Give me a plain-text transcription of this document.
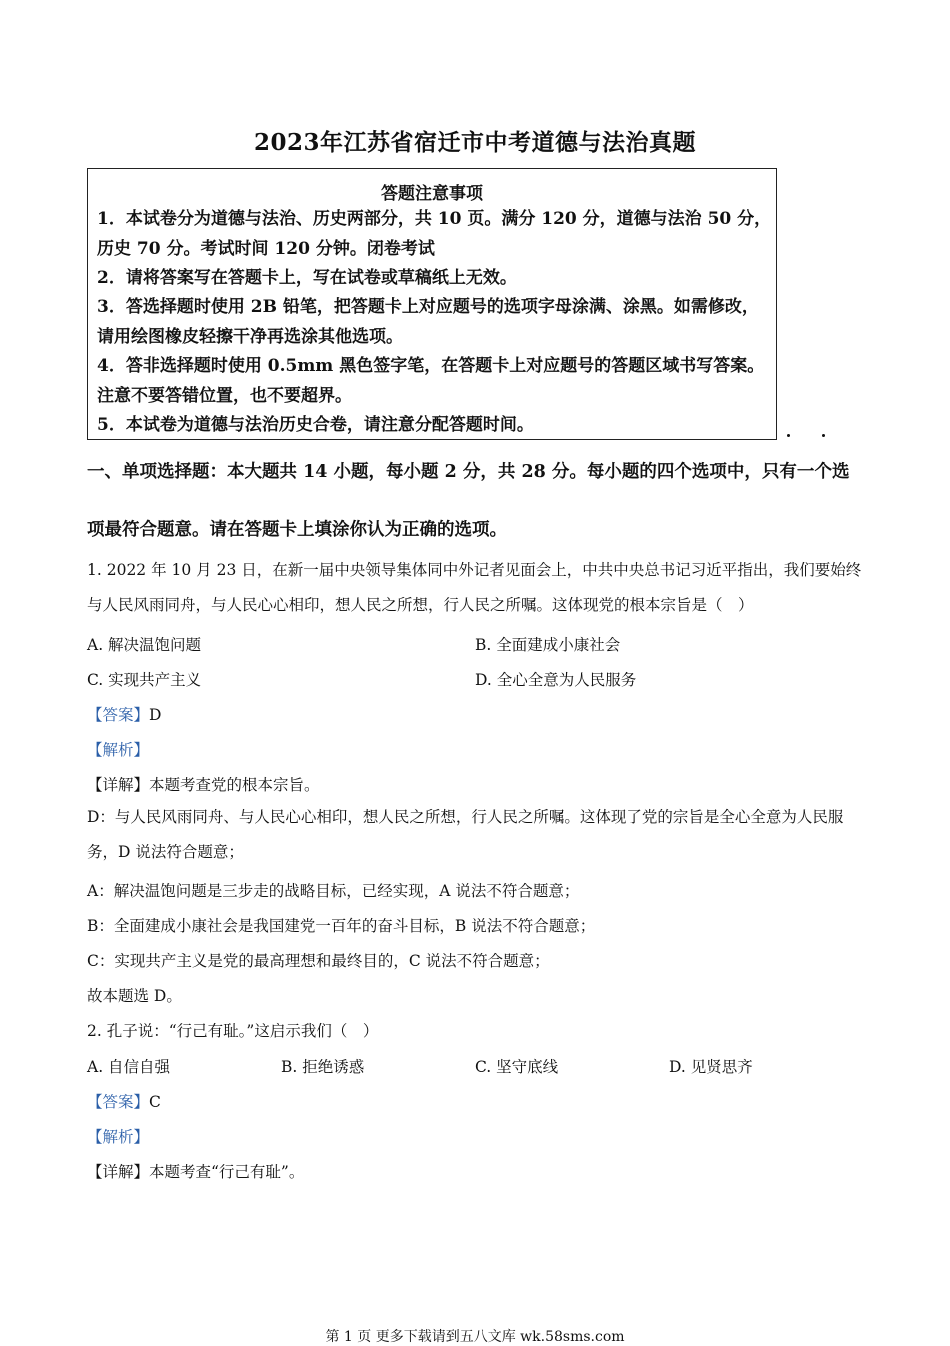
2023年江苏省宿迁市中考道德与法治真题
答题注意事项
1．本试卷分为道德与法治、历史两部分，共 10 页。满分 120 分，道德与法治 50 分，历史 70 分。考试时间 120 分钟。闭卷考试
2．请将答案写在答题卡上，写在试卷或草稿纸上无效。
3．答选择题时使用 2B 铅笔，把答题卡上对应题号的选项字母涂满、涂黑。如需修改，请用绘图橡皮轻擦干净再选涂其他选项。
4．答非选择题时使用 0.5mm 黑色签字笔，在答题卡上对应题号的答题区域书写答案。注意不要答错位置，也不要超界。
5．本试卷为道德与法治历史合卷，请注意分配答题时间。
一、单项选择题：本大题共 14 小题，每小题 2 分，共 28 分。每小题的四个选项中，只有一个选项最符合题意。请在答题卡上填涂你认为正确的选项。
1. 2022 年 10 月 23 日，在新一届中央领导集体同中外记者见面会上，中共中央总书记习近平指出，我们要始终与人民风雨同舟，与人民心心相印，想人民之所想，行人民之所嘱。这体现党的根本宗旨是（　）
A. 解决温饱问题	B. 全面建成小康社会
C. 实现共产主义	D. 全心全意为人民服务
【答案】D
【解析】
【详解】本题考查党的根本宗旨。
D：与人民风雨同舟、与人民心心相印，想人民之所想，行人民之所嘱。这体现了党的宗旨是全心全意为人民服务，D 说法符合题意；
A：解决温饱问题是三步走的战略目标，已经实现，A 说法不符合题意；
B：全面建成小康社会是我国建党一百年的奋斗目标，B 说法不符合题意；
C：实现共产主义是党的最高理想和最终目的，C 说法不符合题意；
故本题选 D。
2. 孔子说：“行己有耻。”这启示我们（　）
A. 自信自强	B. 拒绝诱惑	C. 坚守底线	D. 见贤思齐
【答案】C
【解析】
【详解】本题考查“行己有耻”。
第 1 页 更多下载请到五八文库 wk.58sms.com
